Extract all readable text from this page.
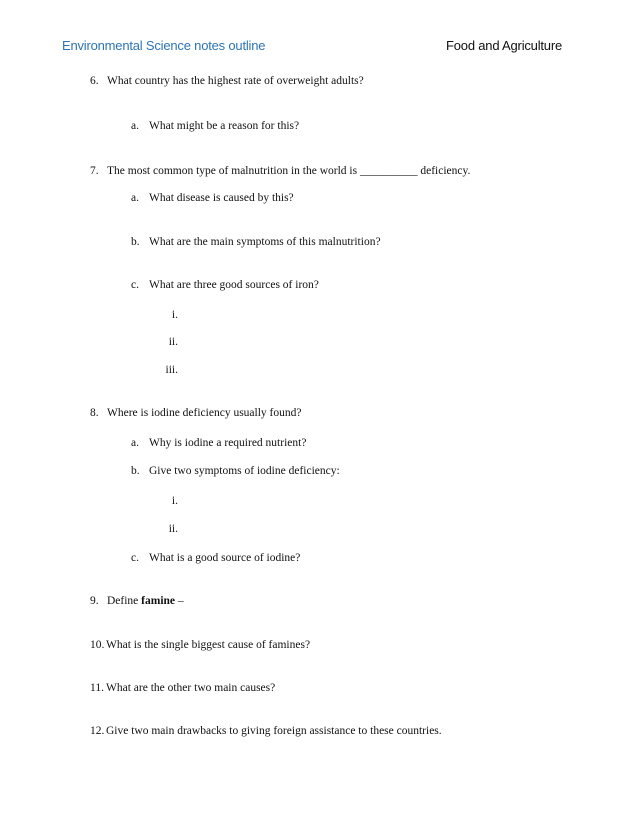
Environmental Science notes outline	Food and Agriculture
6. What country has the highest rate of overweight adults?
a. What might be a reason for this?
7. The most common type of malnutrition in the world is __________ deficiency.
a. What disease is caused by this?
b. What are the main symptoms of this malnutrition?
c. What are three good sources of iron?
i.
ii.
iii.
8. Where is iodine deficiency usually found?
a. Why is iodine a required nutrient?
b. Give two symptoms of iodine deficiency:
i.
ii.
c. What is a good source of iodine?
9. Define famine –
10. What is the single biggest cause of famines?
11. What are the other two main causes?
12. Give two main drawbacks to giving foreign assistance to these countries.
